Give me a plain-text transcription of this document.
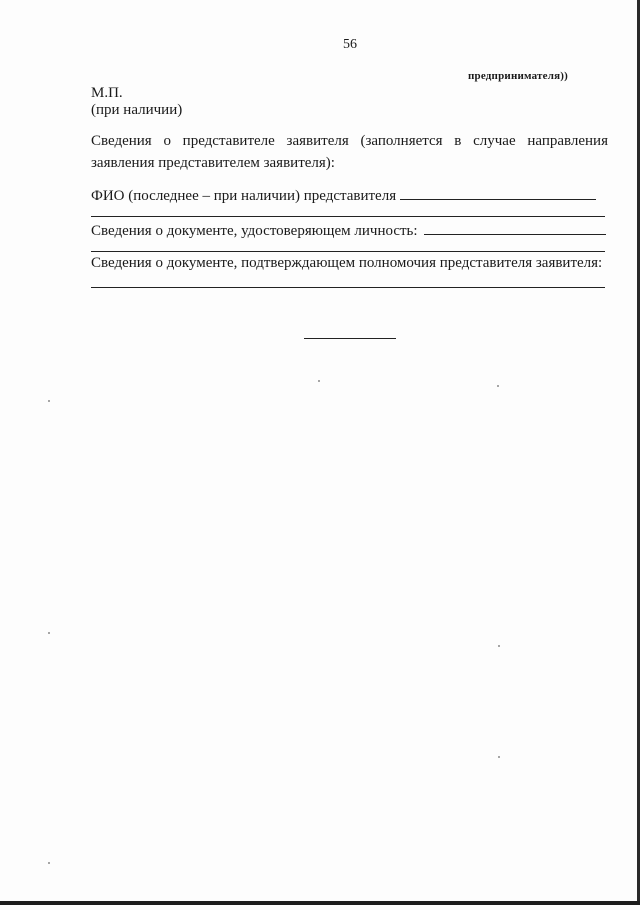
56
предпринимателя))
М.П.
(при наличии)
Сведения о представителе заявителя (заполняется в случае направления заявления представителем заявителя):
ФИО (последнее – при наличии) представителя
Сведения о документе, удостоверяющем личность:
Сведения о документе, подтверждающем полномочия представителя заявителя:
